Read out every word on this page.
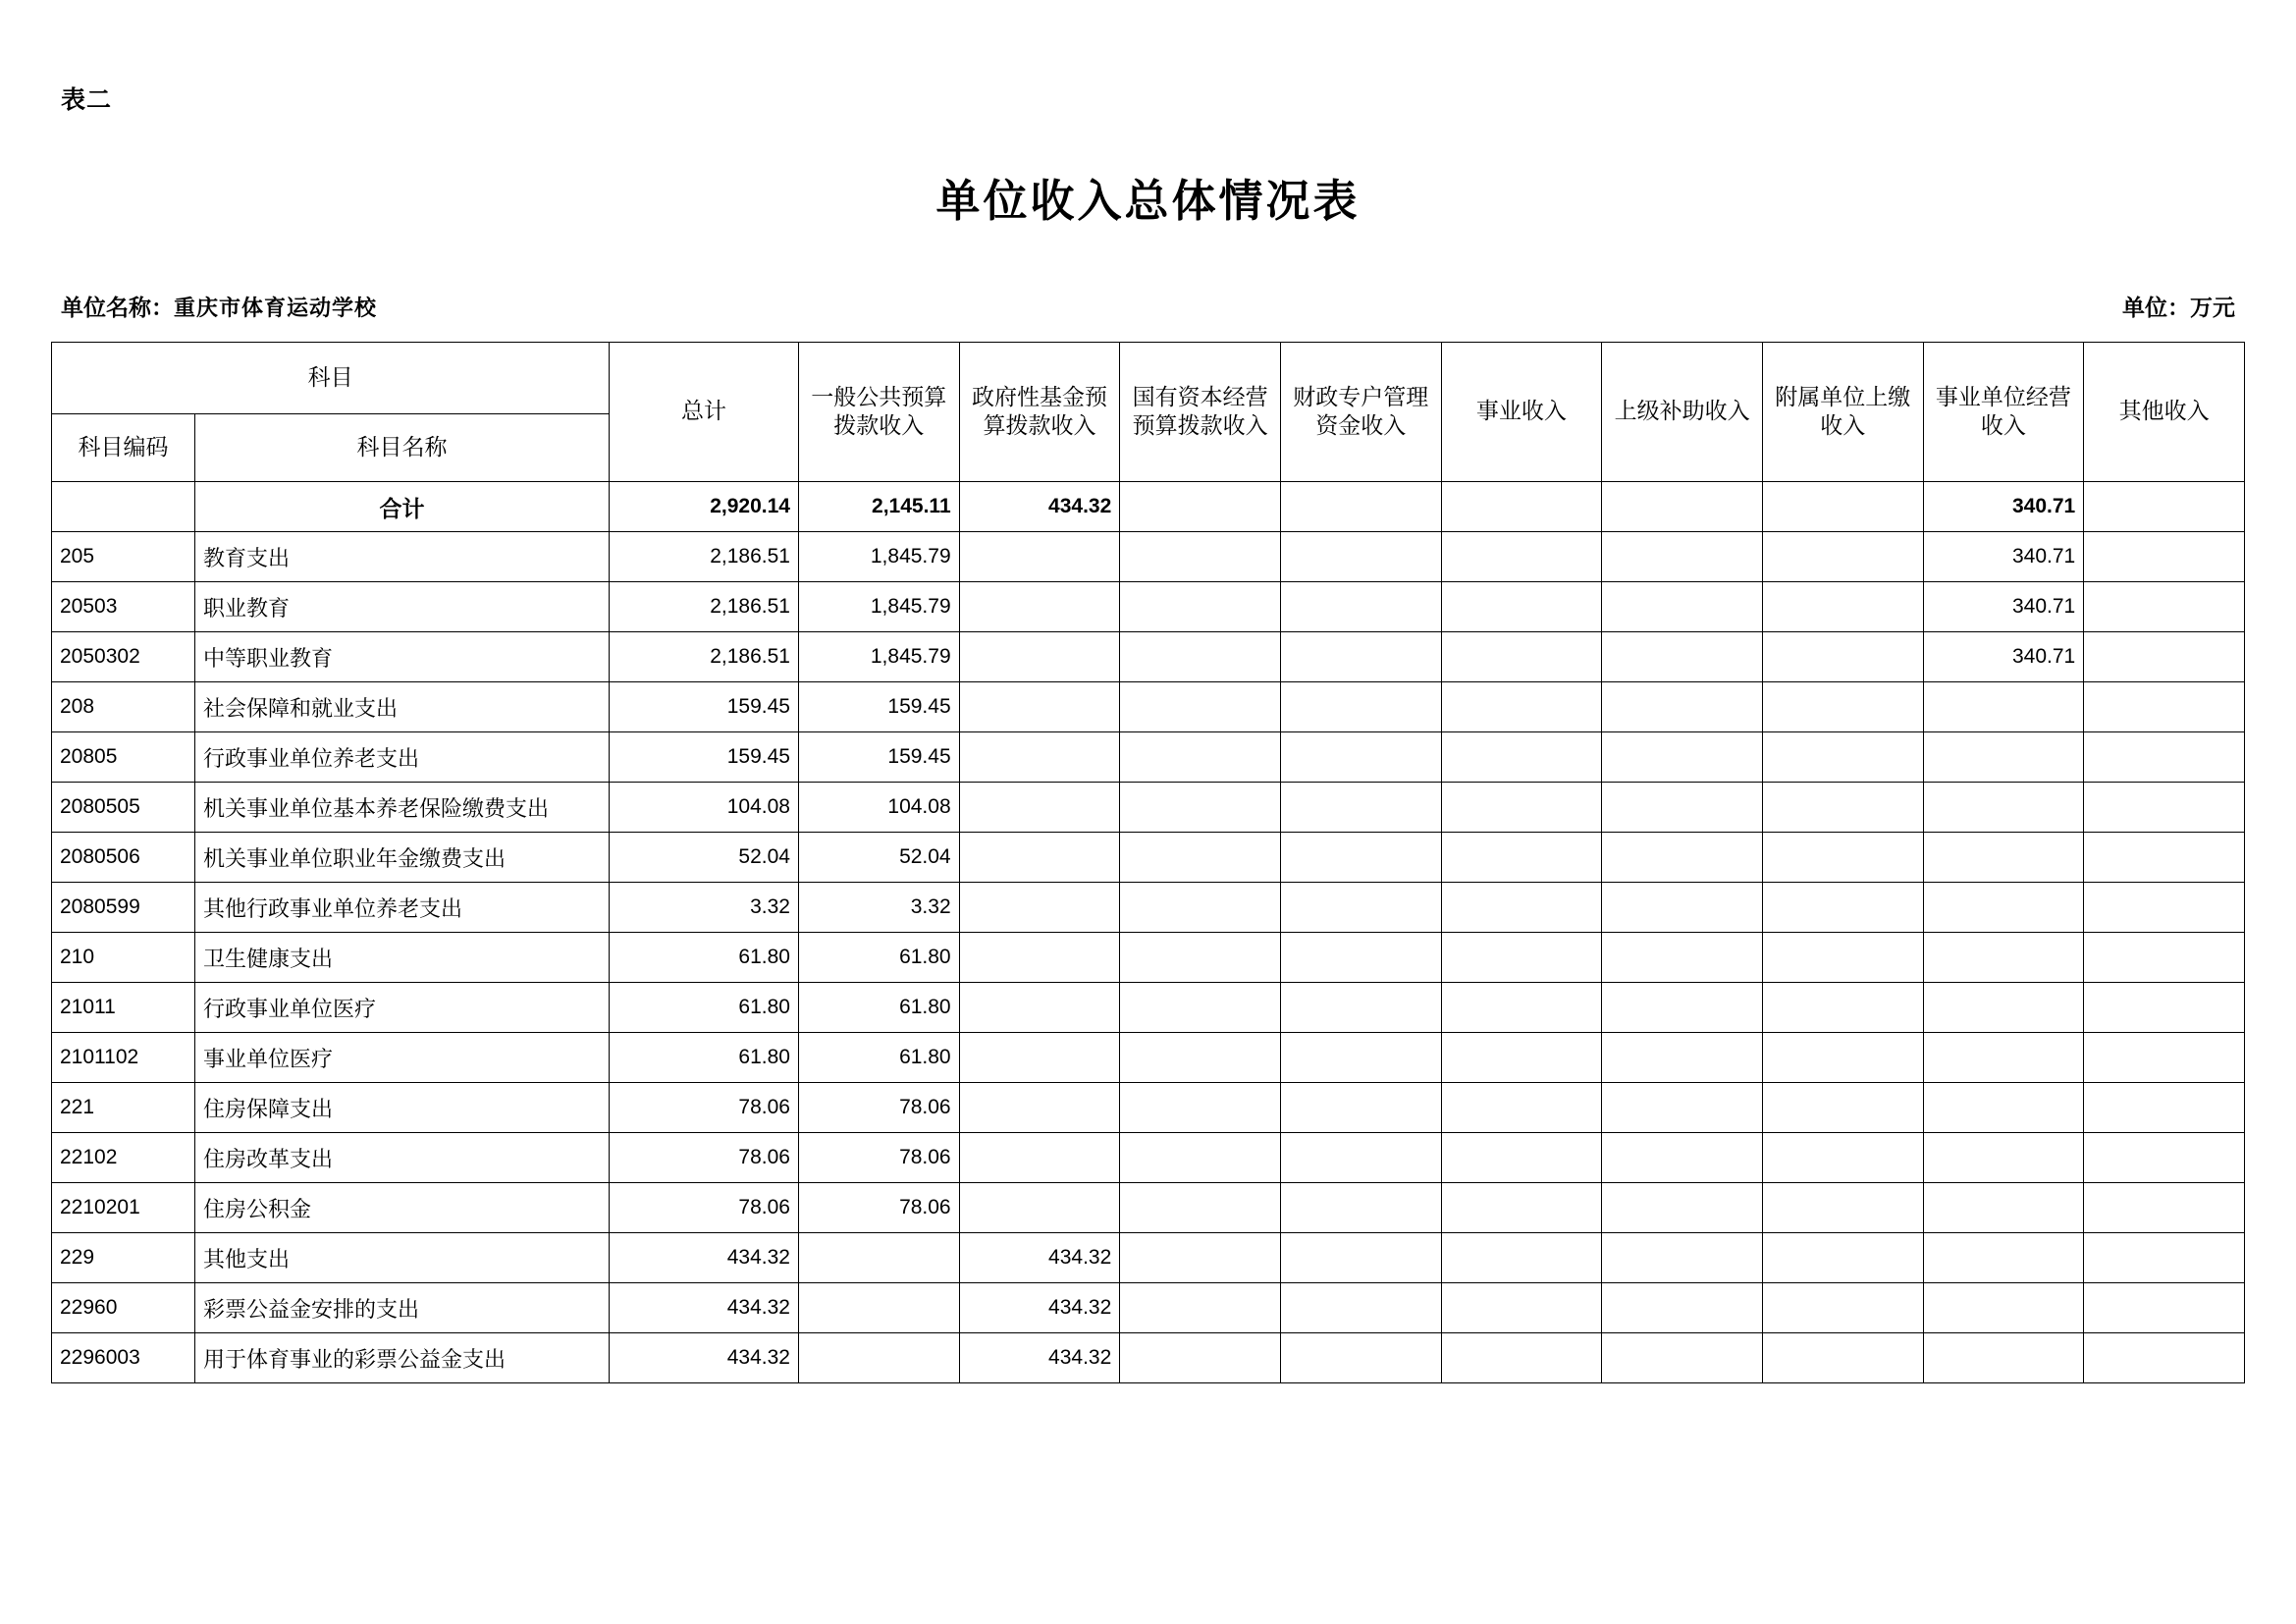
表二
单位收入总体情况表
单位名称：重庆市体育运动学校	单位：万元
科目		总计	一般公共预算拨款收入	政府性基金预算拨款收入	国有资本经营预算拨款收入	财政专户管理资金收入	事业收入	上级补助收入	附属单位上缴收入	事业单位经营收入	其他收入
科目编码	科目名称										
	合计	2,920.14	2,145.11	434.32						340.71	
205	教育支出	2,186.51	1,845.79							340.71	
20503	职业教育	2,186.51	1,845.79							340.71	
2050302	中等职业教育	2,186.51	1,845.79							340.71	
208	社会保障和就业支出	159.45	159.45								
20805	行政事业单位养老支出	159.45	159.45								
2080505	机关事业单位基本养老保险缴费支出	104.08	104.08								
2080506	机关事业单位职业年金缴费支出	52.04	52.04								
2080599	其他行政事业单位养老支出	3.32	3.32								
210	卫生健康支出	61.80	61.80								
21011	行政事业单位医疗	61.80	61.80								
2101102	事业单位医疗	61.80	61.80								
221	住房保障支出	78.06	78.06								
22102	住房改革支出	78.06	78.06								
2210201	住房公积金	78.06	78.06								
229	其他支出	434.32		434.32							
22960	彩票公益金安排的支出	434.32		434.32							
2296003	用于体育事业的彩票公益金支出	434.32		434.32							
